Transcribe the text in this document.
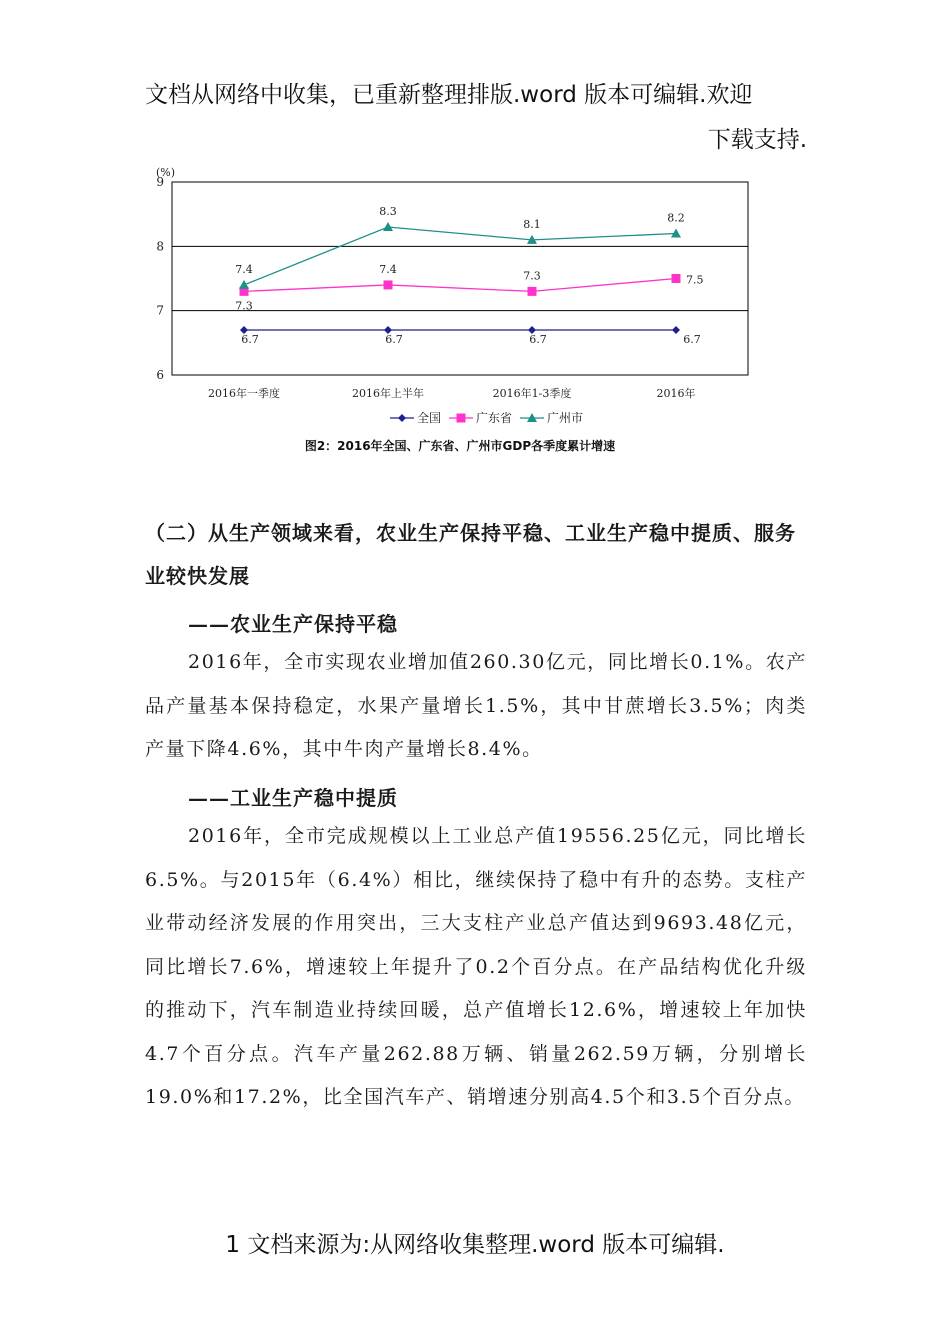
文档从网络中收集，已重新整理排版.word 版本可编辑.欢迎
下载支持.
(%)
6
7
8
9
2016年一季度	2016年上半年	2016年1-3季度	2016年
6.7	6.7	6.7	6.7
7.3
7.4	7.3	7.5
7.4
8.3
8.1	8.2
全国	广东省	广州市
图2：2016年全国、广东省、广州市GDP各季度累计增速
（二）从生产领域来看，农业生产保持平稳、工业生产稳中提质、服务业较快发展
——农业生产保持平稳

2016年，全市实现农业增加值260.30亿元，同比增长0.1%。农产品产量基本保持稳定，水果产量增长1.5%，其中甘蔗增长3.5%；肉类产量下降4.6%，其中牛肉产量增长8.4%。

——工业生产稳中提质

2016年，全市完成规模以上工业总产值19556.25亿元，同比增长6.5%。与2015年（6.4%）相比，继续保持了稳中有升的态势。支柱产业带动经济发展的作用突出，三大支柱产业总产值达到9693.48亿元，同比增长7.6%，增速较上年提升了0.2个百分点。在产品结构优化升级的推动下，汽车制造业持续回暖，总产值增长12.6%，增速较上年加快4.7个百分点。汽车产量262.88万辆、销量262.59万辆，分别增长19.0%和17.2%，比全国汽车产、销增速分别高4.5个和3.5个百分点。

1 文档来源为:从网络收集整理.word 版本可编辑.
